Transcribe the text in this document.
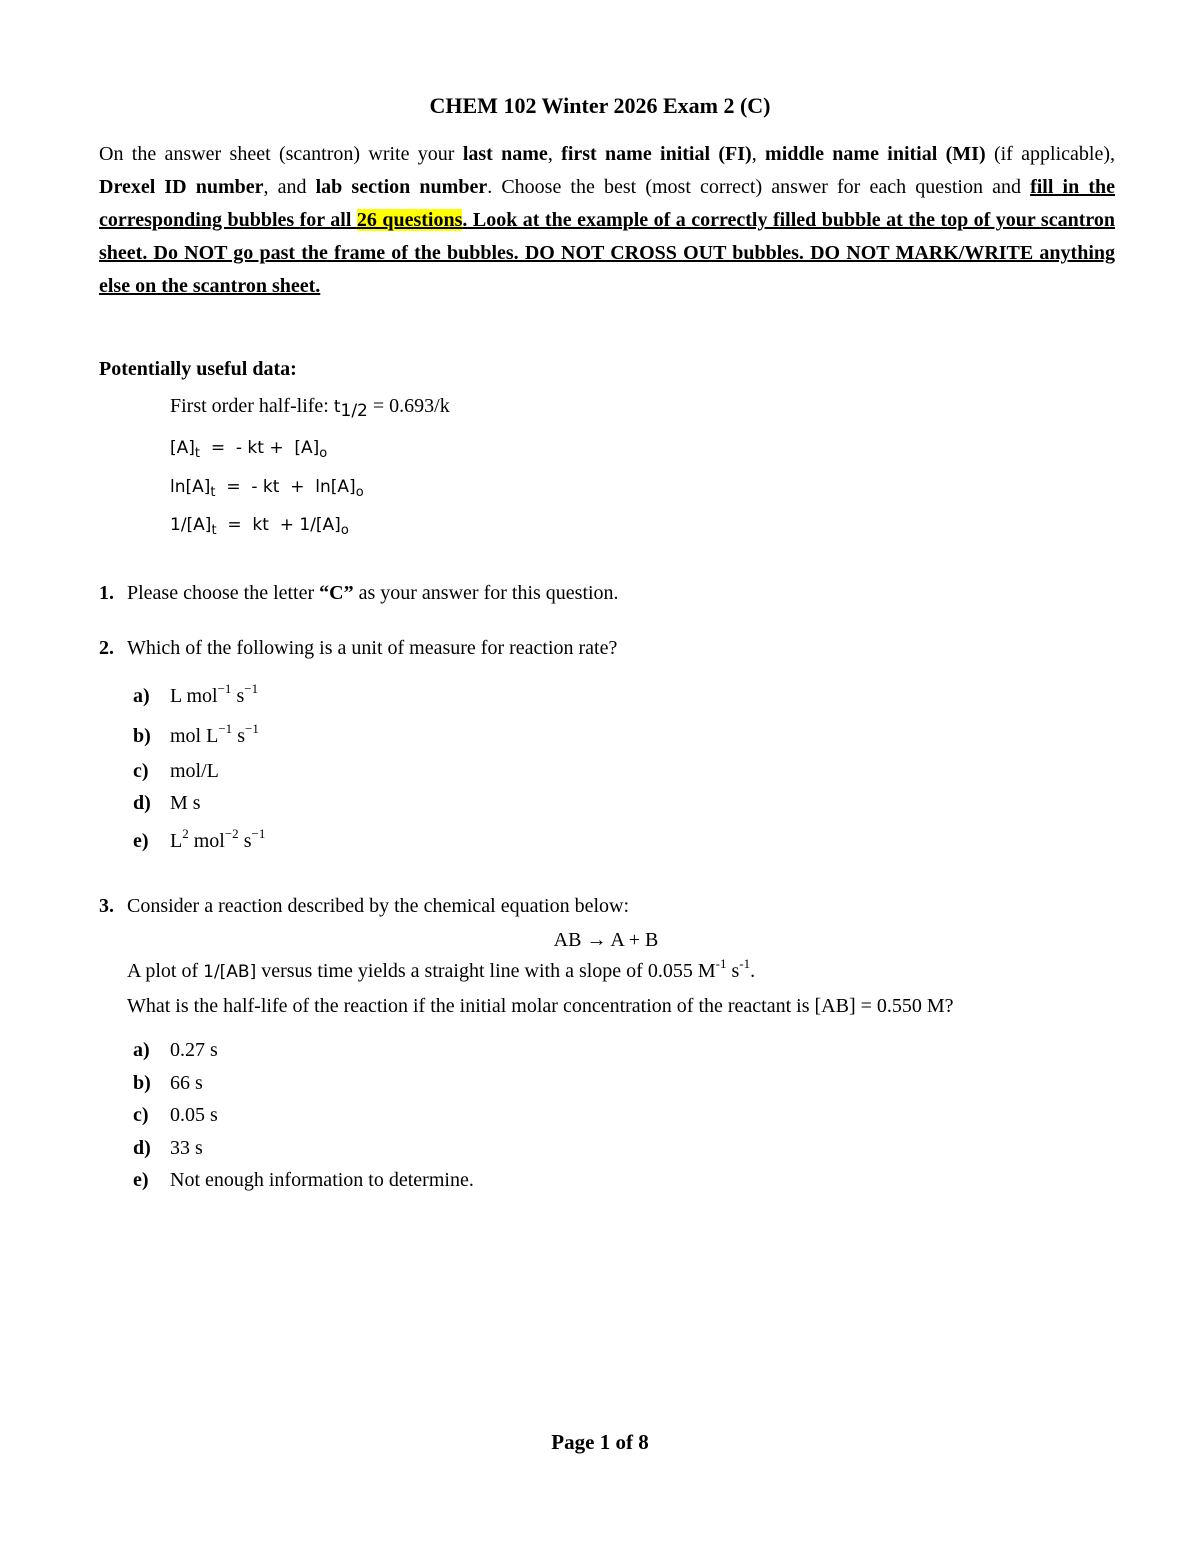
CHEM 102 Winter 2026 Exam 2 (C)
On the answer sheet (scantron) write your last name, first name initial (FI), middle name initial (MI) (if applicable), Drexel ID number, and lab section number. Choose the best (most correct) answer for each question and fill in the corresponding bubbles for all 26 questions. Look at the example of a correctly filled bubble at the top of your scantron sheet. Do NOT go past the frame of the bubbles. DO NOT CROSS OUT bubbles. DO NOT MARK/WRITE anything else on the scantron sheet.
Potentially useful data:
First order half-life: $t_{1/2} = 0.693/k$
$[A]_t$  =  - kt +  $[A]_o$
$\ln[A]_t$  =  - kt  +  $\ln[A]_o$
$1/[A]_t$  =  kt  + $1/[A]_o$
1. Please choose the letter “C” as your answer for this question.
2. Which of the following is a unit of measure for reaction rate?
a) L mol$^{-1}$ $s^{-1}$
b) mol $L^{-1}$ $s^{-1}$
c) mol/L
d) M s
e) $L^2$ mol$^{-2}$ $s^{-1}$
3. Consider a reaction described by the chemical equation below:
AB → A + B
A plot of 1/[AB] versus time yields a straight line with a slope of 0.055 $M^{-1}$ $s^{-1}$.
What is the half-life of the reaction if the initial molar concentration of the reactant is [AB] = 0.550 M?
a) 0.27 s
b) 66 s
c) 0.05 s
d) 33 s
e) Not enough information to determine.
Page 1 of 8
